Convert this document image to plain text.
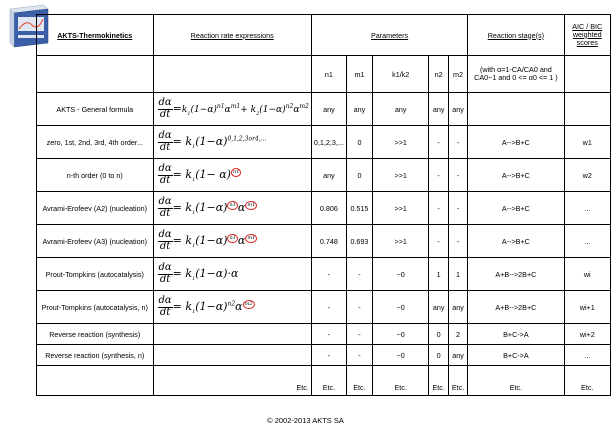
AKTS-Thermokinetics	Reaction rate expressions	Parameters					Reaction stage(s)	AIC / BIC weighted scores
		n1	m1	k1/k2	n2	m2	(with α=1-CA/CA0 and CA0~1 and 0 <= α0 <= 1 )	
AKTS - General formula	$\frac{d\alpha}{dt} =k_1(1-\alpha)^{n1}\alpha^{m1}+ k_2(1-\alpha)^{n2}\alpha^{m2}$	any	any	any	any	any		
zero, 1st, 2nd, 3rd, 4th order...	$\frac{d\alpha}{dt} = k_1(1-\alpha)^{0,1,2,3or4,...}$	0,1,2,3,...	0	>>1	-	-	A-->B+C	w1
n-th order (0 to n)	$\frac{d\alpha}{dt} = k_1(1- \alpha)$ n1	any	0	>>1	-	-	A-->B+C	w2
Avrami-Erofeev (A2) (nucleation)	$\frac{d\alpha}{dt} = k_1(1-\alpha)$ n1 α m1	0.806	0.515	>>1	-	-	A-->B+C	...
Avrami-Erofeev (A3) (nucleation)	$\frac{d\alpha}{dt} = k_1(1-\alpha)$ n1 α m1	0.748	0.693	>>1	-	-	A-->B+C	...
Prout-Tompkins (autocatalysis)	$\frac{d\alpha}{dt} = k_1(1-\alpha)\cdot\alpha$	-	-	~0	1	1	A+B-->2B+C	wi
Prout-Tompkins (autocatalysis, n)	$\frac{d\alpha}{dt} = k_1(1-\alpha)^{n2}\alpha$ m2	-	-	~0	any	any	A+B-->2B+C	wi+1
Reverse reaction (synthesis)		-	-	~0	0	2	B+C->A	wi+2
Reverse reaction (synthesis, n)		-	-	~0	0	any	B+C->A	...
	Etc.	Etc.	Etc.	Etc.	Etc.	Etc.	Etc.	Etc.
© 2002-2013 AKTS SA
